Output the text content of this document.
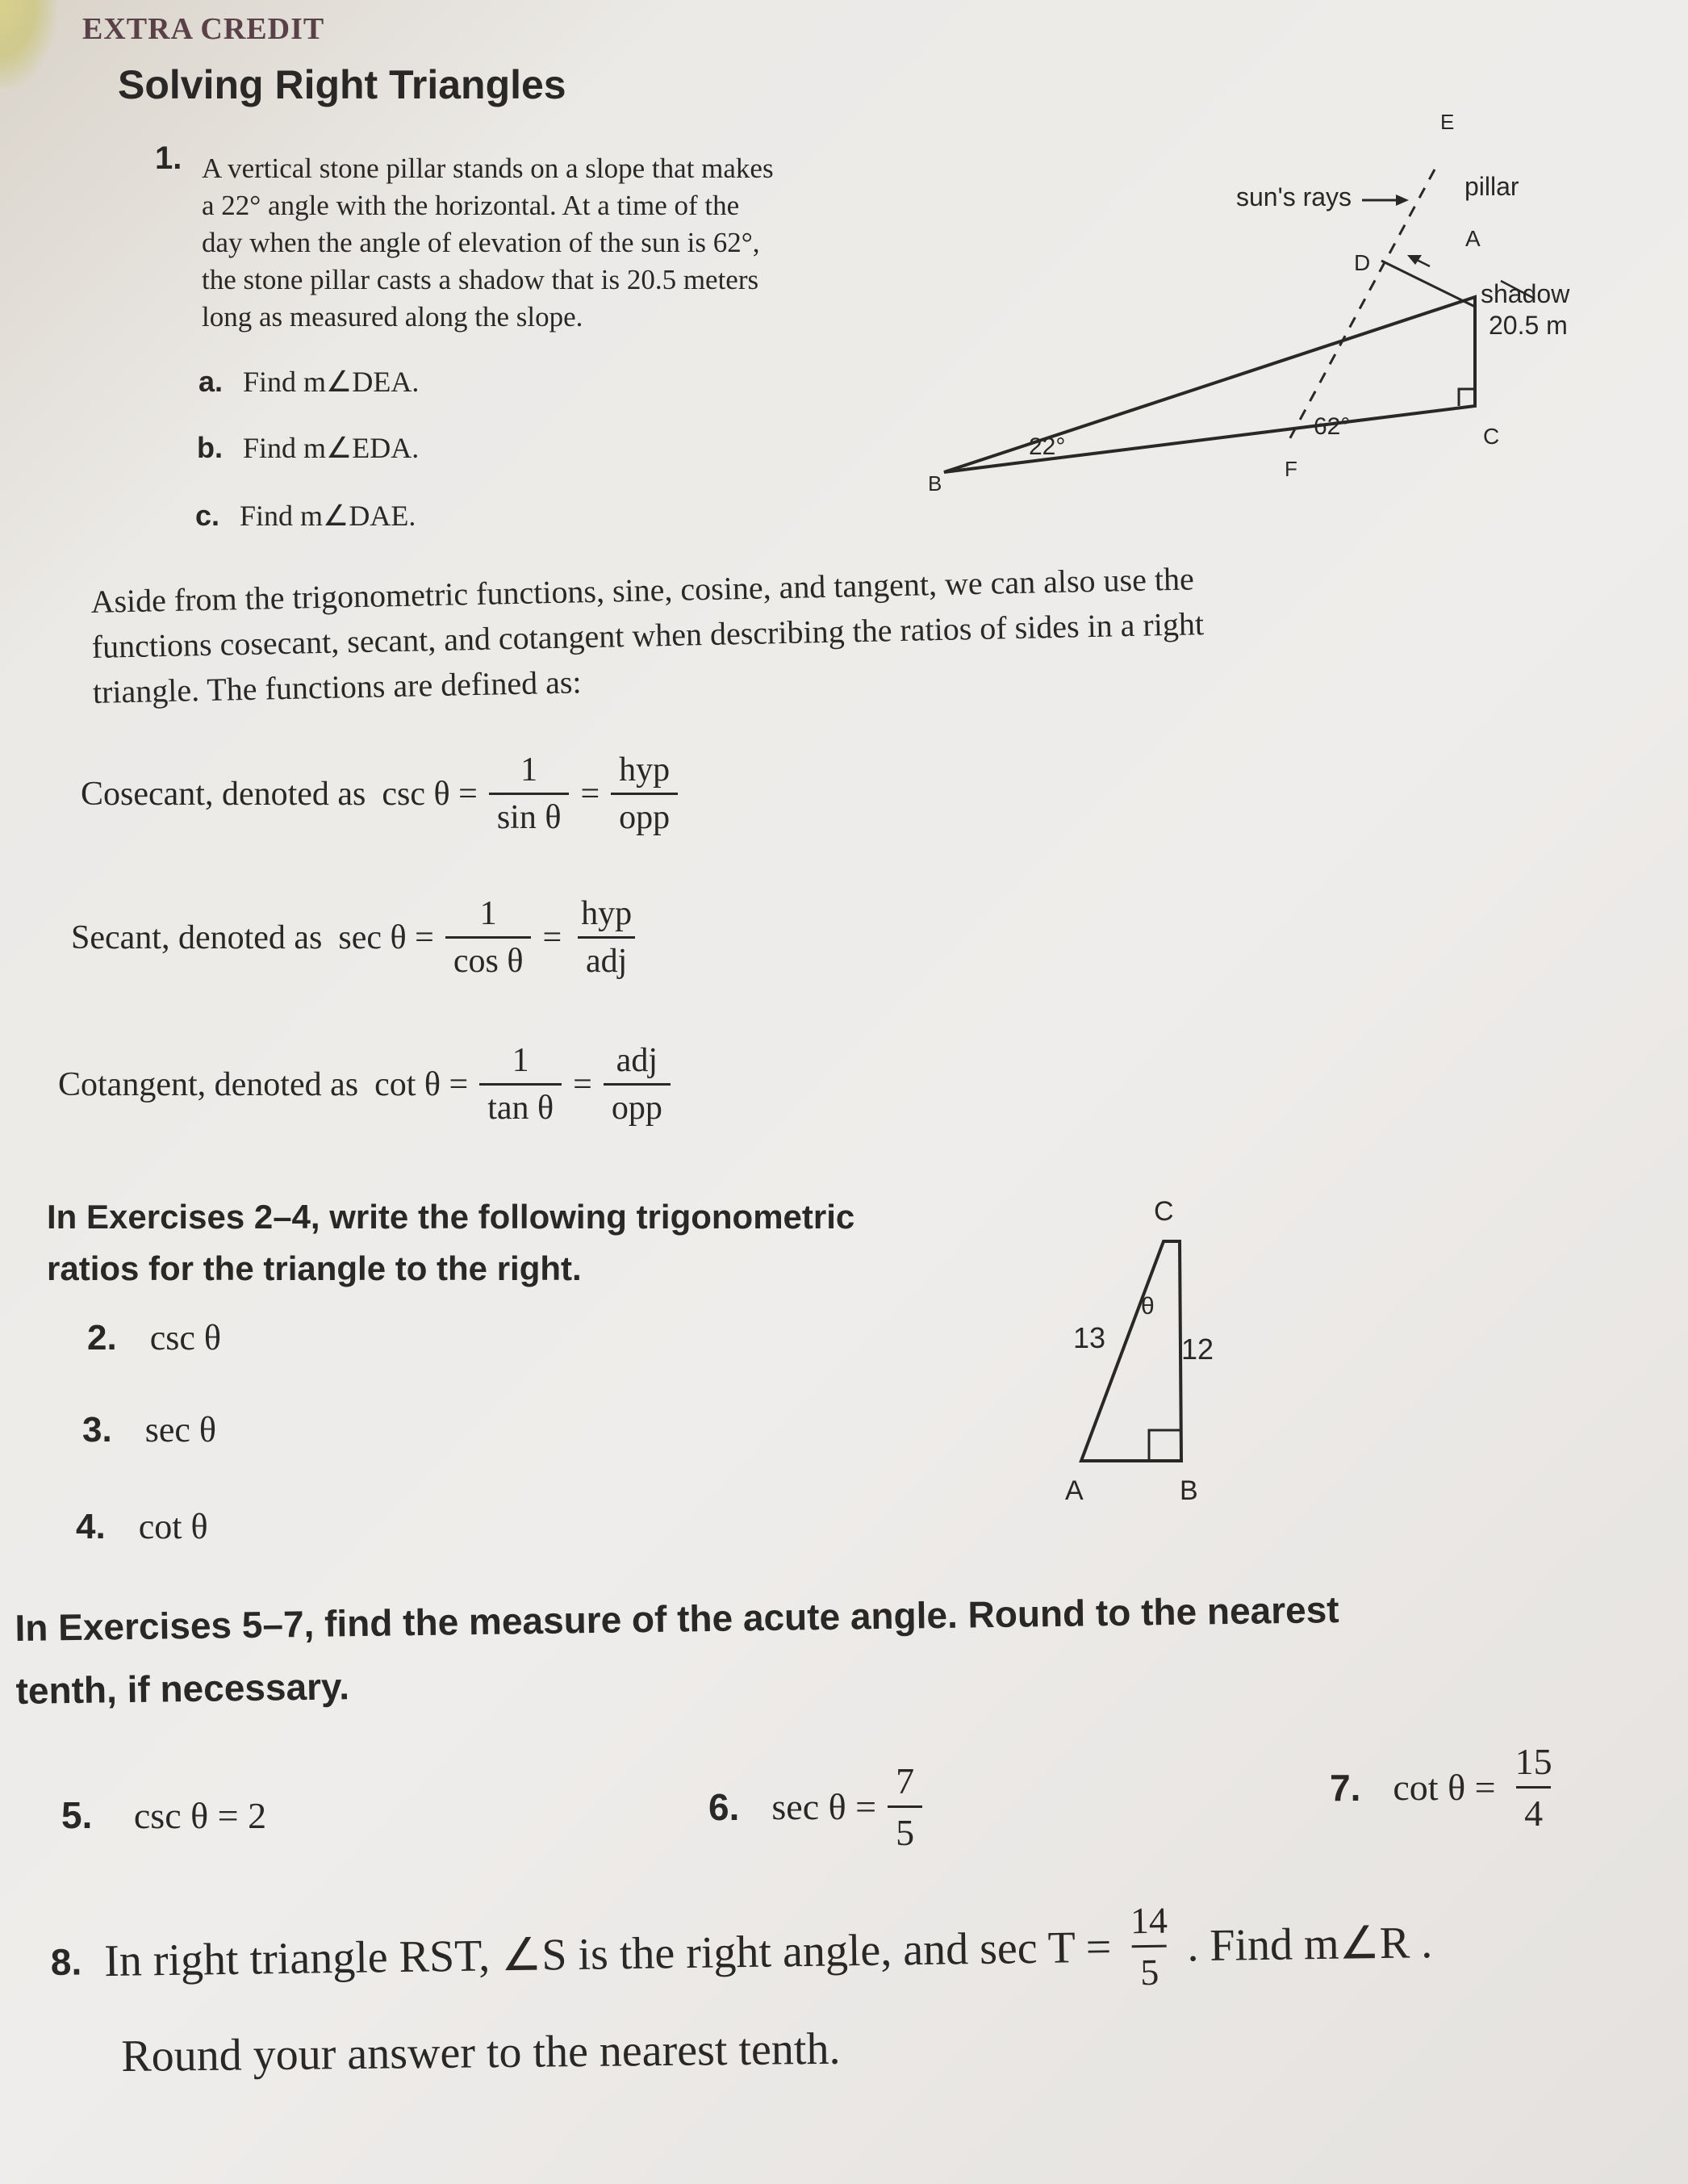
EXTRA CREDIT
Solving Right Triangles
1. A vertical stone pillar stands on a slope that makes
a 22° angle with the horizontal. At a time of the
day when the angle of elevation of the sun is 62°,
the stone pillar casts a shadow that is 20.5 meters
long as measured along the slope.
a. Find m∠DEA.
b. Find m∠EDA.
c. Find m∠DAE.
E
A
D
B
C
F
sun's rays	pillar
shadow
20.5 m
22°
62°
Aside from the trigonometric functions, sine, cosine, and tangent, we can also use the
functions cosecant, secant, and cotangent when describing the ratios of sides in a right
triangle. The functions are defined as:
Cosecant, denoted as $\csc \theta = \frac{1}{\text{sin θ}}$ =
hyp
opp
Secant, denoted as $\sec \theta = \frac{1}{\text{cos θ}}$ =
hyp
adj
Cotangent, denoted as $\cot \theta = \frac{1}{\text{tan θ}}$ =
adj
opp
In Exercises 2–4, write the following trigonometric
ratios for the triangle to the right.
2. csc θ
3. sec θ
4. cot θ
C
A	B
13	12
θ
In Exercises 5–7, find the measure of the acute angle. Round to the nearest
tenth, if necessary.
5. csc θ = 2	6. $\sec \theta = \frac{7}{5}$	7. $\cot \theta = \frac{15}{4}$
8. In right triangle RST, ∠S is the right angle, and $\sec T = \frac{14}{5}$ . Find m∠R .
Round your answer to the nearest tenth.
